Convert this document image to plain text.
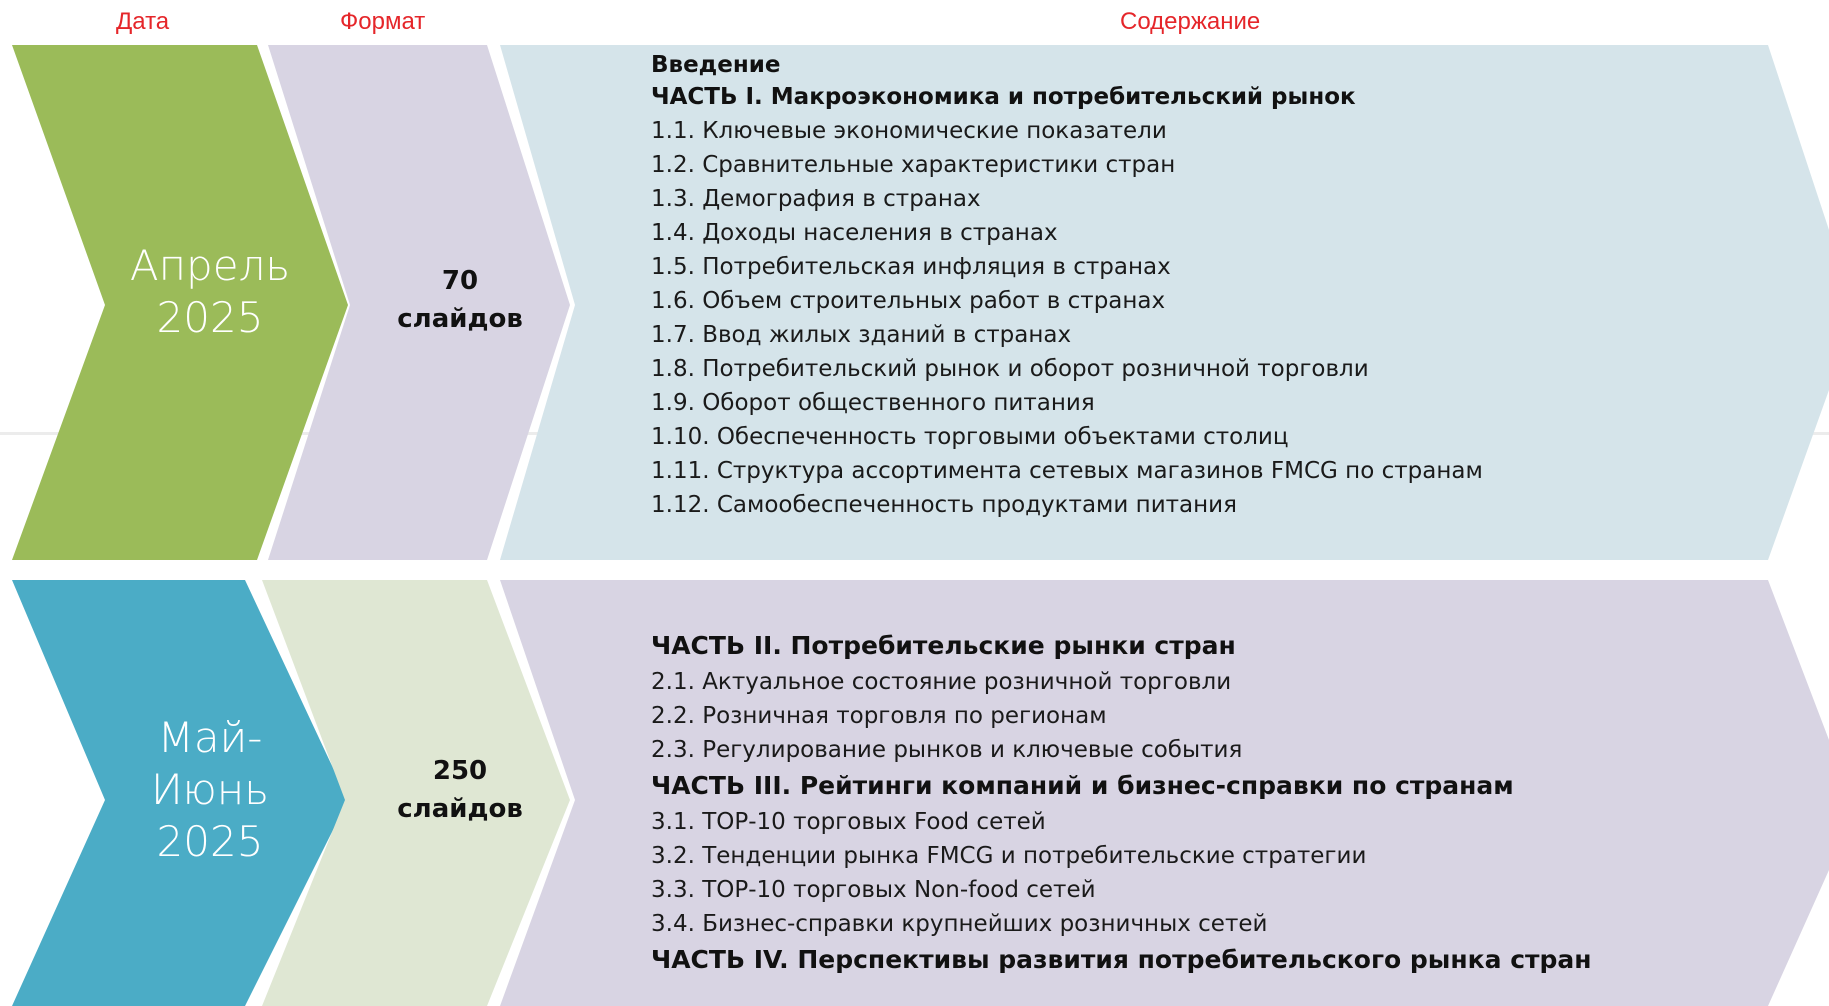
Дата	Формат	Содержание
Апрель
2025
70
слайдов
Введение
ЧАСТЬ I. Макроэкономика и потребительский рынок
1.1. Ключевые экономические показатели
1.2. Сравнительные характеристики стран
1.3. Демография в странах
1.4. Доходы населения в странах
1.5. Потребительская инфляция в странах
1.6. Объем строительных работ в странах
1.7. Ввод жилых зданий в странах
1.8. Потребительский рынок и оборот розничной торговли
1.9. Оборот общественного питания
1.10. Обеспеченность торговыми объектами столиц
1.11. Структура ассортимента сетевых магазинов FMCG по странам
1.12. Самообеспеченность продуктами питания
Май-
Июнь
2025
250
слайдов
ЧАСТЬ II. Потребительские рынки стран
2.1. Актуальное состояние розничной торговли
2.2. Розничная торговля по регионам
2.3. Регулирование рынков и ключевые события
ЧАСТЬ III. Рейтинги компаний и бизнес-справки по странам
3.1. ТОР-10 торговых Food сетей
3.2. Тенденции рынка FMCG и потребительские стратегии
3.3. ТОР-10 торговых Non-food сетей
3.4. Бизнес-справки крупнейших розничных сетей
ЧАСТЬ IV. Перспективы развития потребительского рынка стран
